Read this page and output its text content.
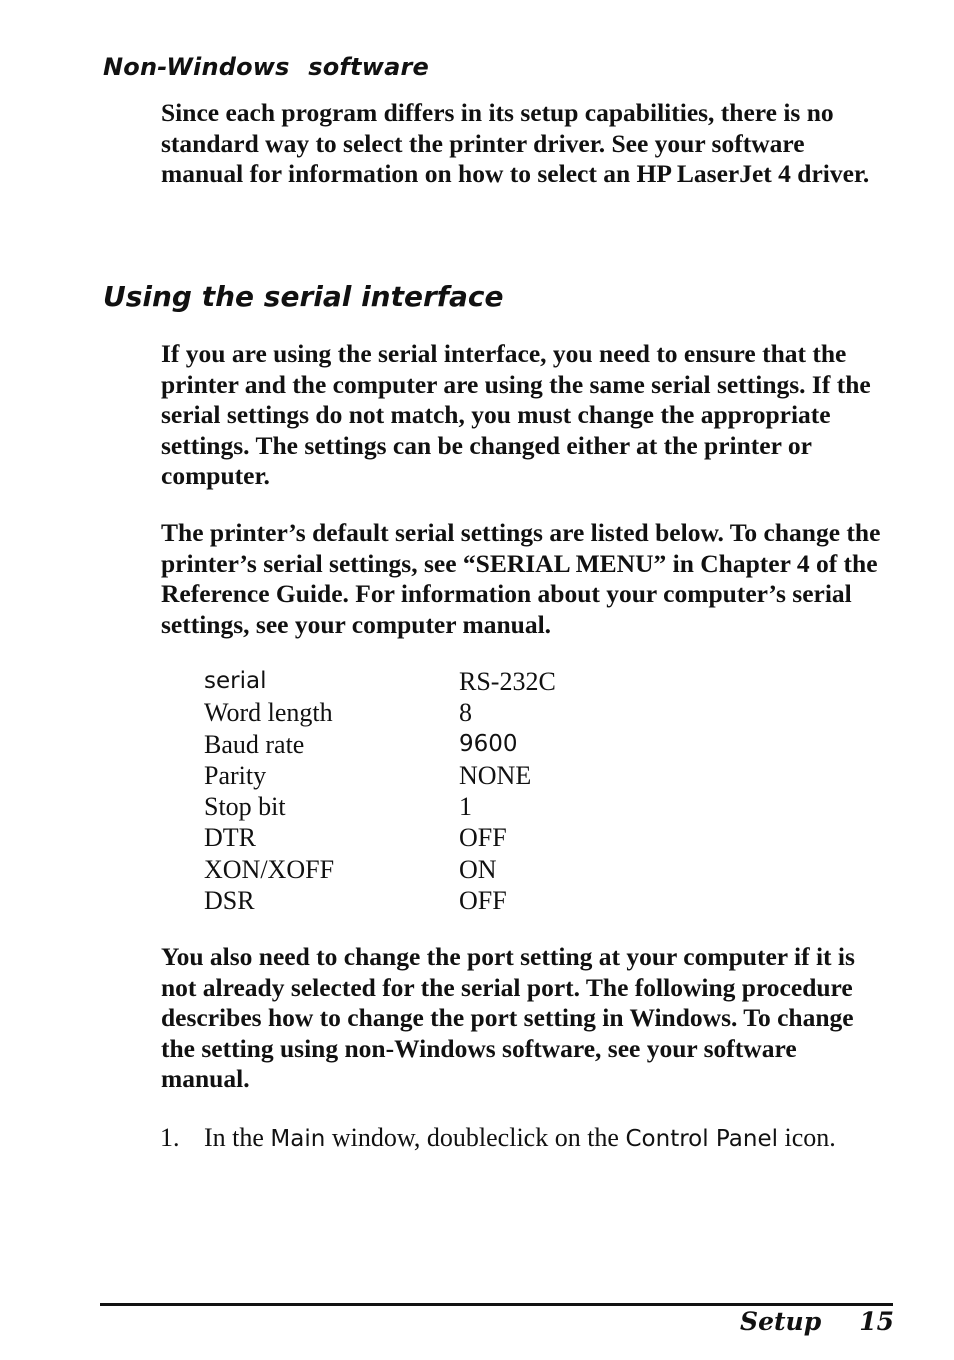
Non-Windows software

Since each program differs in its setup capabilities, there is no standard way to select the printer driver. See your software manual for information on how to select an HP LaserJet 4 driver.

Using the serial interface

If you are using the serial interface, you need to ensure that the printer and the computer are using the same serial settings. If the serial settings do not match, you must change the appropriate settings. The settings can be changed either at the printer or computer.

The printer’s default serial settings are listed below. To change the printer’s serial settings, see “SERIAL MENU” in Chapter 4 of the Reference Guide. For information about your computer’s serial settings, see your computer manual.

serial	RS-232C
Word length	8
Baud rate	9600
Parity	NONE
Stop bit	1
DTR	OFF
XON/XOFF	ON
DSR	OFF

You also need to change the port setting at your computer if it is not already selected for the serial port. The following procedure describes how to change the port setting in Windows. To change the setting using non-Windows software, see your software manual.

1. In the Main window, doubleclick on the Control Panel icon.
Setup 15
